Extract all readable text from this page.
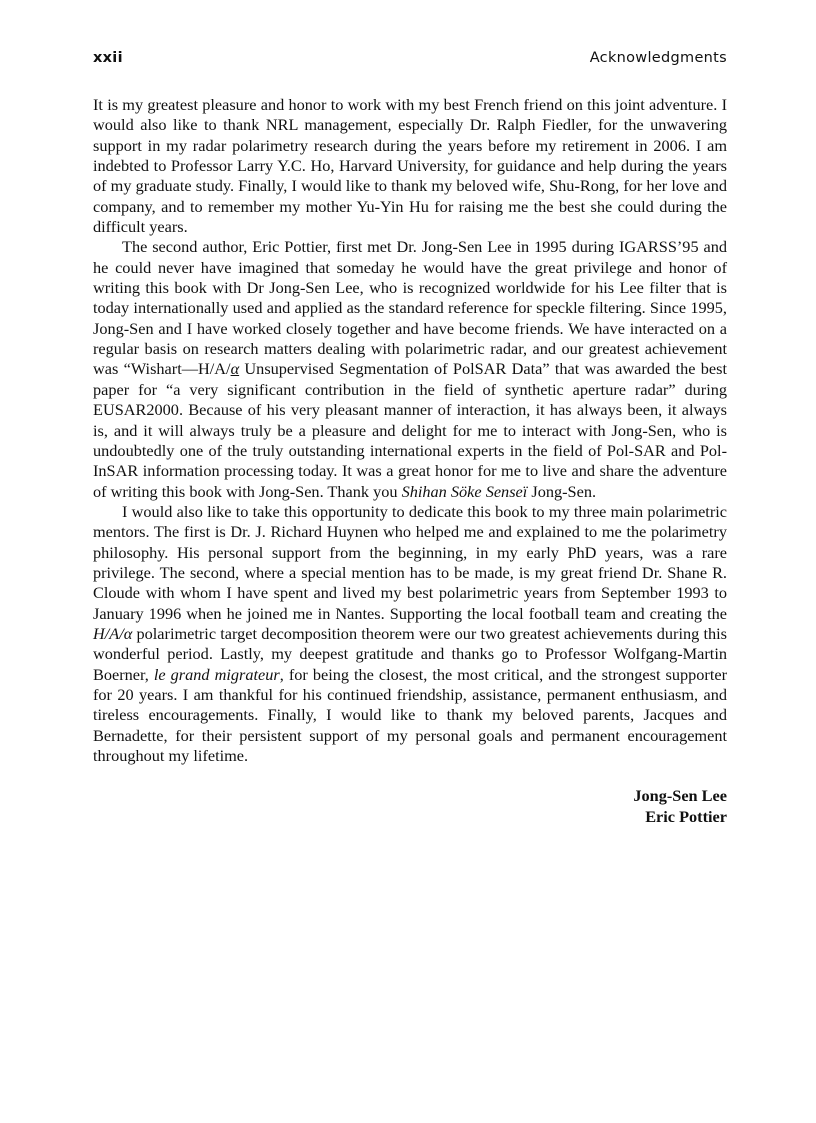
xxii	Acknowledgments

It is my greatest pleasure and honor to work with my best French friend on this joint adventure. I would also like to thank NRL management, especially Dr. Ralph Fiedler, for the unwavering support in my radar polarimetry research during the years before my retirement in 2006. I am indebted to Professor Larry Y.C. Ho, Harvard University, for guidance and help during the years of my graduate study. Finally, I would like to thank my beloved wife, Shu-Rong, for her love and company, and to remember my mother Yu-Yin Hu for raising me the best she could during the difficult years.

The second author, Eric Pottier, first met Dr. Jong-Sen Lee in 1995 during IGARSS’95 and he could never have imagined that someday he would have the great privilege and honor of writing this book with Dr Jong-Sen Lee, who is recognized worldwide for his Lee filter that is today internationally used and applied as the standard reference for speckle filtering. Since 1995, Jong-Sen and I have worked closely together and have become friends. We have interacted on a regular basis on research matters dealing with polarimetric radar, and our greatest achievement was “Wishart—H/A/α Unsupervised Segmentation of PolSAR Data” that was awarded the best paper for “a very significant contribution in the field of synthetic aperture radar” during EUSAR2000. Because of his very pleasant manner of interaction, it has always been, it always is, and it will always truly be a pleasure and delight for me to interact with Jong-Sen, who is undoubtedly one of the truly outstanding international experts in the field of Pol-SAR and Pol-InSAR information processing today. It was a great honor for me to live and share the adventure of writing this book with Jong-Sen. Thank you Shihan Söke Senseï Jong-Sen.

I would also like to take this opportunity to dedicate this book to my three main polarimetric mentors. The first is Dr. J. Richard Huynen who helped me and explained to me the polarimetry philosophy. His personal support from the beginning, in my early PhD years, was a rare privilege. The second, where a special mention has to be made, is my great friend Dr. Shane R. Cloude with whom I have spent and lived my best polarimetric years from September 1993 to January 1996 when he joined me in Nantes. Supporting the local football team and creating the H/A/α polarimetric target decomposition theorem were our two greatest achievements during this wonderful period. Lastly, my deepest gratitude and thanks go to Professor Wolfgang-Martin Boerner, le grand migrateur, for being the closest, the most critical, and the strongest supporter for 20 years. I am thankful for his continued friendship, assistance, permanent enthusiasm, and tireless encouragements. Finally, I would like to thank my beloved parents, Jacques and Bernadette, for their persistent support of my personal goals and permanent encouragement throughout my lifetime.

Jong-Sen Lee
Eric Pottier
